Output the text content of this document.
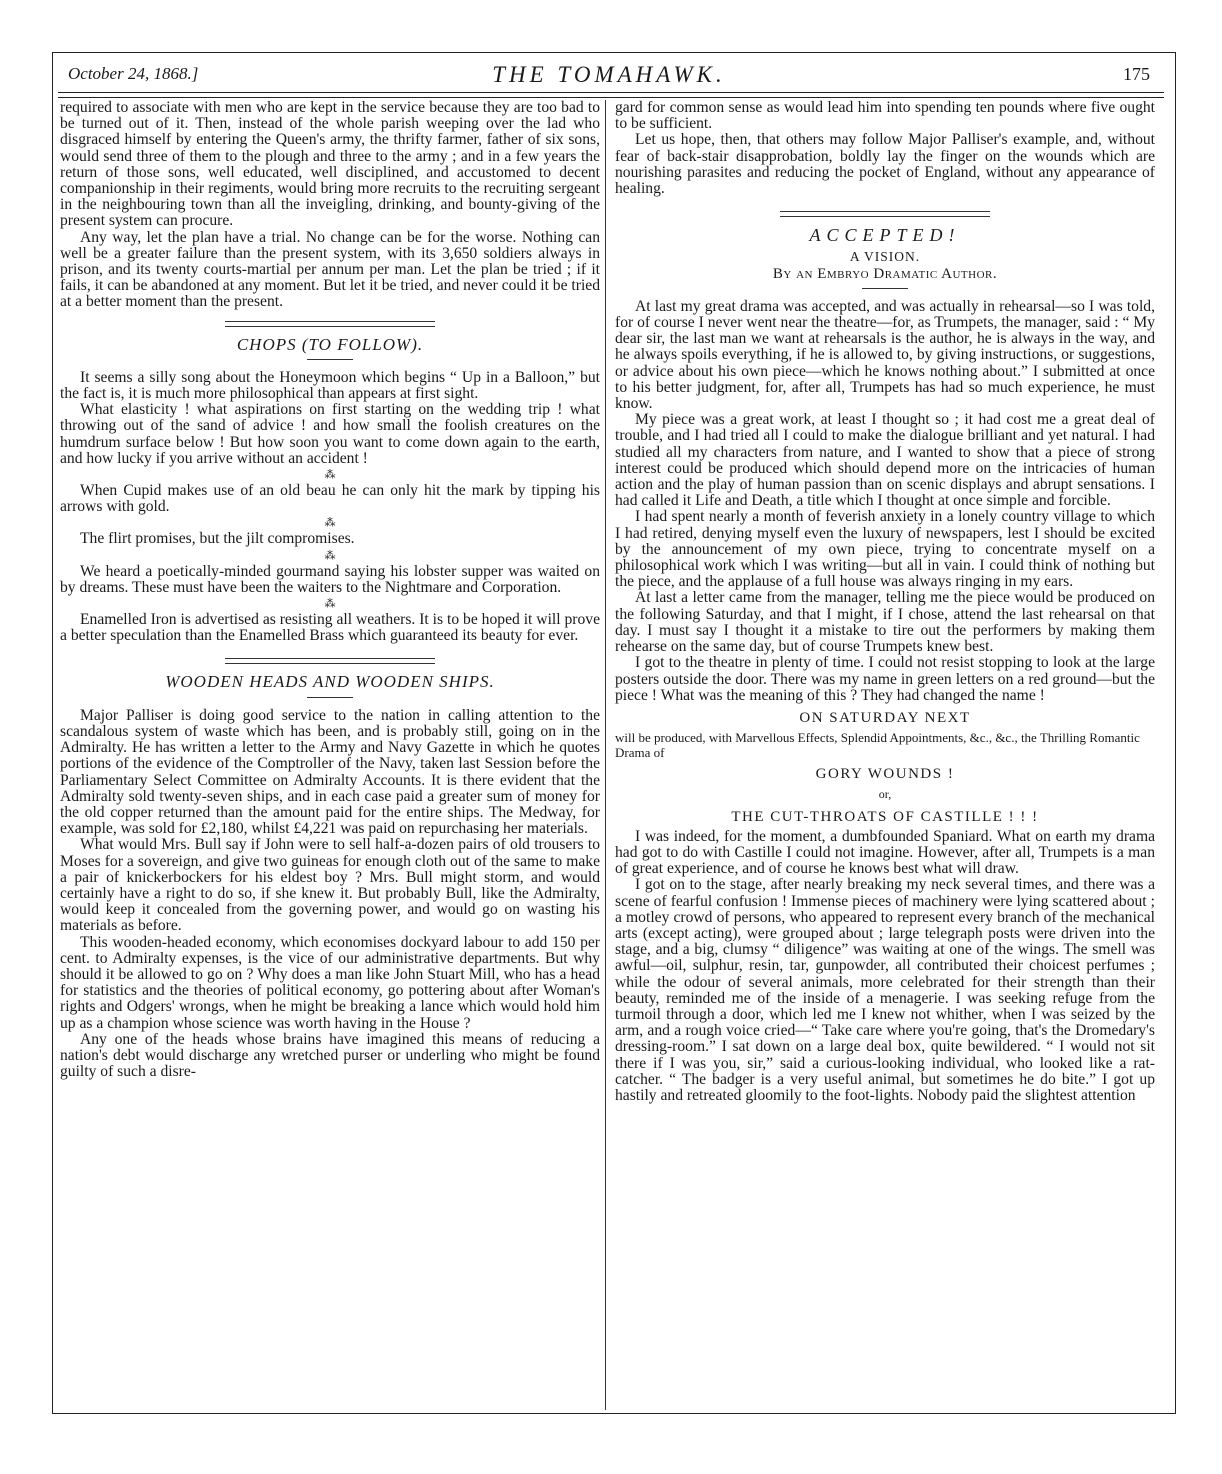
October 24, 1868.]	THE TOMAHAWK.	175

required to associate with men who are kept in the service because they are too bad to be turned out of it. Then, instead of the whole parish weeping over the lad who disgraced himself by entering the Queen's army, the thrifty farmer, father of six sons, would send three of them to the plough and three to the army ; and in a few years the return of those sons, well educated, well disciplined, and accustomed to decent companionship in their regiments, would bring more recruits to the recruiting sergeant in the neighbouring town than all the inveigling, drinking, and bounty-giving of the present system can procure.

Any way, let the plan have a trial. No change can be for the worse. Nothing can well be a greater failure than the present system, with its 3,650 soldiers always in prison, and its twenty courts-martial per annum per man. Let the plan be tried ; if it fails, it can be abandoned at any moment. But let it be tried, and never could it be tried at a better moment than the present.

CHOPS (TO FOLLOW).

It seems a silly song about the Honeymoon which begins “ Up in a Balloon,” but the fact is, it is much more philosophical than appears at first sight.

What elasticity ! what aspirations on first starting on the wedding trip ! what throwing out of the sand of advice ! and how small the foolish creatures on the humdrum surface below ! But how soon you want to come down again to the earth, and how lucky if you arrive without an accident !

⁂

When Cupid makes use of an old beau he can only hit the mark by tipping his arrows with gold.

⁂

The flirt promises, but the jilt compromises.

⁂

We heard a poetically-minded gourmand saying his lobster supper was waited on by dreams. These must have been the waiters to the Nightmare and Corporation.

⁂

Enamelled Iron is advertised as resisting all weathers. It is to be hoped it will prove a better speculation than the Enamelled Brass which guaranteed its beauty for ever.

WOODEN HEADS AND WOODEN SHIPS.

Major Palliser is doing good service to the nation in calling attention to the scandalous system of waste which has been, and is probably still, going on in the Admiralty. He has written a letter to the Army and Navy Gazette in which he quotes portions of the evidence of the Comptroller of the Navy, taken last Session before the Parliamentary Select Committee on Admiralty Accounts. It is there evident that the Admiralty sold twenty-seven ships, and in each case paid a greater sum of money for the old copper returned than the amount paid for the entire ships. The Medway, for example, was sold for £2,180, whilst £4,221 was paid on repurchasing her materials.

What would Mrs. Bull say if John were to sell half-a-dozen pairs of old trousers to Moses for a sovereign, and give two guineas for enough cloth out of the same to make a pair of knickerbockers for his eldest boy ? Mrs. Bull might storm, and would certainly have a right to do so, if she knew it. But probably Bull, like the Admiralty, would keep it concealed from the governing power, and would go on wasting his materials as before.

This wooden-headed economy, which economises dockyard labour to add 150 per cent. to Admiralty expenses, is the vice of our administrative departments. But why should it be allowed to go on ? Why does a man like John Stuart Mill, who has a head for statistics and the theories of political economy, go pottering about after Woman's rights and Odgers' wrongs, when he might be breaking a lance which would hold him up as a champion whose science was worth having in the House ?

Any one of the heads whose brains have imagined this means of reducing a nation's debt would discharge any wretched purser or underling who might be found guilty of such a disre-

gard for common sense as would lead him into spending ten pounds where five ought to be sufficient.

Let us hope, then, that others may follow Major Palliser's example, and, without fear of back-stair disapprobation, boldly lay the finger on the wounds which are nourishing parasites and reducing the pocket of England, without any appearance of healing.

ACCEPTED!
A VISION.
By an Embryo Dramatic Author.

At last my great drama was accepted, and was actually in rehearsal—so I was told, for of course I never went near the theatre—for, as Trumpets, the manager, said : “ My dear sir, the last man we want at rehearsals is the author, he is always in the way, and he always spoils everything, if he is allowed to, by giving instructions, or suggestions, or advice about his own piece—which he knows nothing about.” I submitted at once to his better judgment, for, after all, Trumpets has had so much experience, he must know.

My piece was a great work, at least I thought so ; it had cost me a great deal of trouble, and I had tried all I could to make the dialogue brilliant and yet natural. I had studied all my characters from nature, and I wanted to show that a piece of strong interest could be produced which should depend more on the intricacies of human action and the play of human passion than on scenic displays and abrupt sensations. I had called it Life and Death, a title which I thought at once simple and forcible.

I had spent nearly a month of feverish anxiety in a lonely country village to which I had retired, denying myself even the luxury of newspapers, lest I should be excited by the announcement of my own piece, trying to concentrate myself on a philosophical work which I was writing—but all in vain. I could think of nothing but the piece, and the applause of a full house was always ringing in my ears.

At last a letter came from the manager, telling me the piece would be produced on the following Saturday, and that I might, if I chose, attend the last rehearsal on that day. I must say I thought it a mistake to tire out the performers by making them rehearse on the same day, but of course Trumpets knew best.

I got to the theatre in plenty of time. I could not resist stopping to look at the large posters outside the door. There was my name in green letters on a red ground—but the piece ! What was the meaning of this ? They had changed the name !

ON SATURDAY NEXT
will be produced, with Marvellous Effects, Splendid Appointments, &c., &c., the Thrilling Romantic Drama of
GORY WOUNDS !
or,
THE CUT-THROATS OF CASTILLE ! ! !

I was indeed, for the moment, a dumbfounded Spaniard. What on earth my drama had got to do with Castille I could not imagine. However, after all, Trumpets is a man of great experience, and of course he knows best what will draw.

I got on to the stage, after nearly breaking my neck several times, and there was a scene of fearful confusion ! Immense pieces of machinery were lying scattered about ; a motley crowd of persons, who appeared to represent every branch of the mechanical arts (except acting), were grouped about ; large telegraph posts were driven into the stage, and a big, clumsy “ diligence” was waiting at one of the wings. The smell was awful—oil, sulphur, resin, tar, gunpowder, all contributed their choicest perfumes ; while the odour of several animals, more celebrated for their strength than their beauty, reminded me of the inside of a menagerie. I was seeking refuge from the turmoil through a door, which led me I knew not whither, when I was seized by the arm, and a rough voice cried—“ Take care where you're going, that's the Dromedary's dressing-room.” I sat down on a large deal box, quite bewildered. “ I would not sit there if I was you, sir,” said a curious-looking individual, who looked like a rat-catcher. “ The badger is a very useful animal, but sometimes he do bite.” I got up hastily and retreated gloomily to the foot-lights. Nobody paid the slightest attention
